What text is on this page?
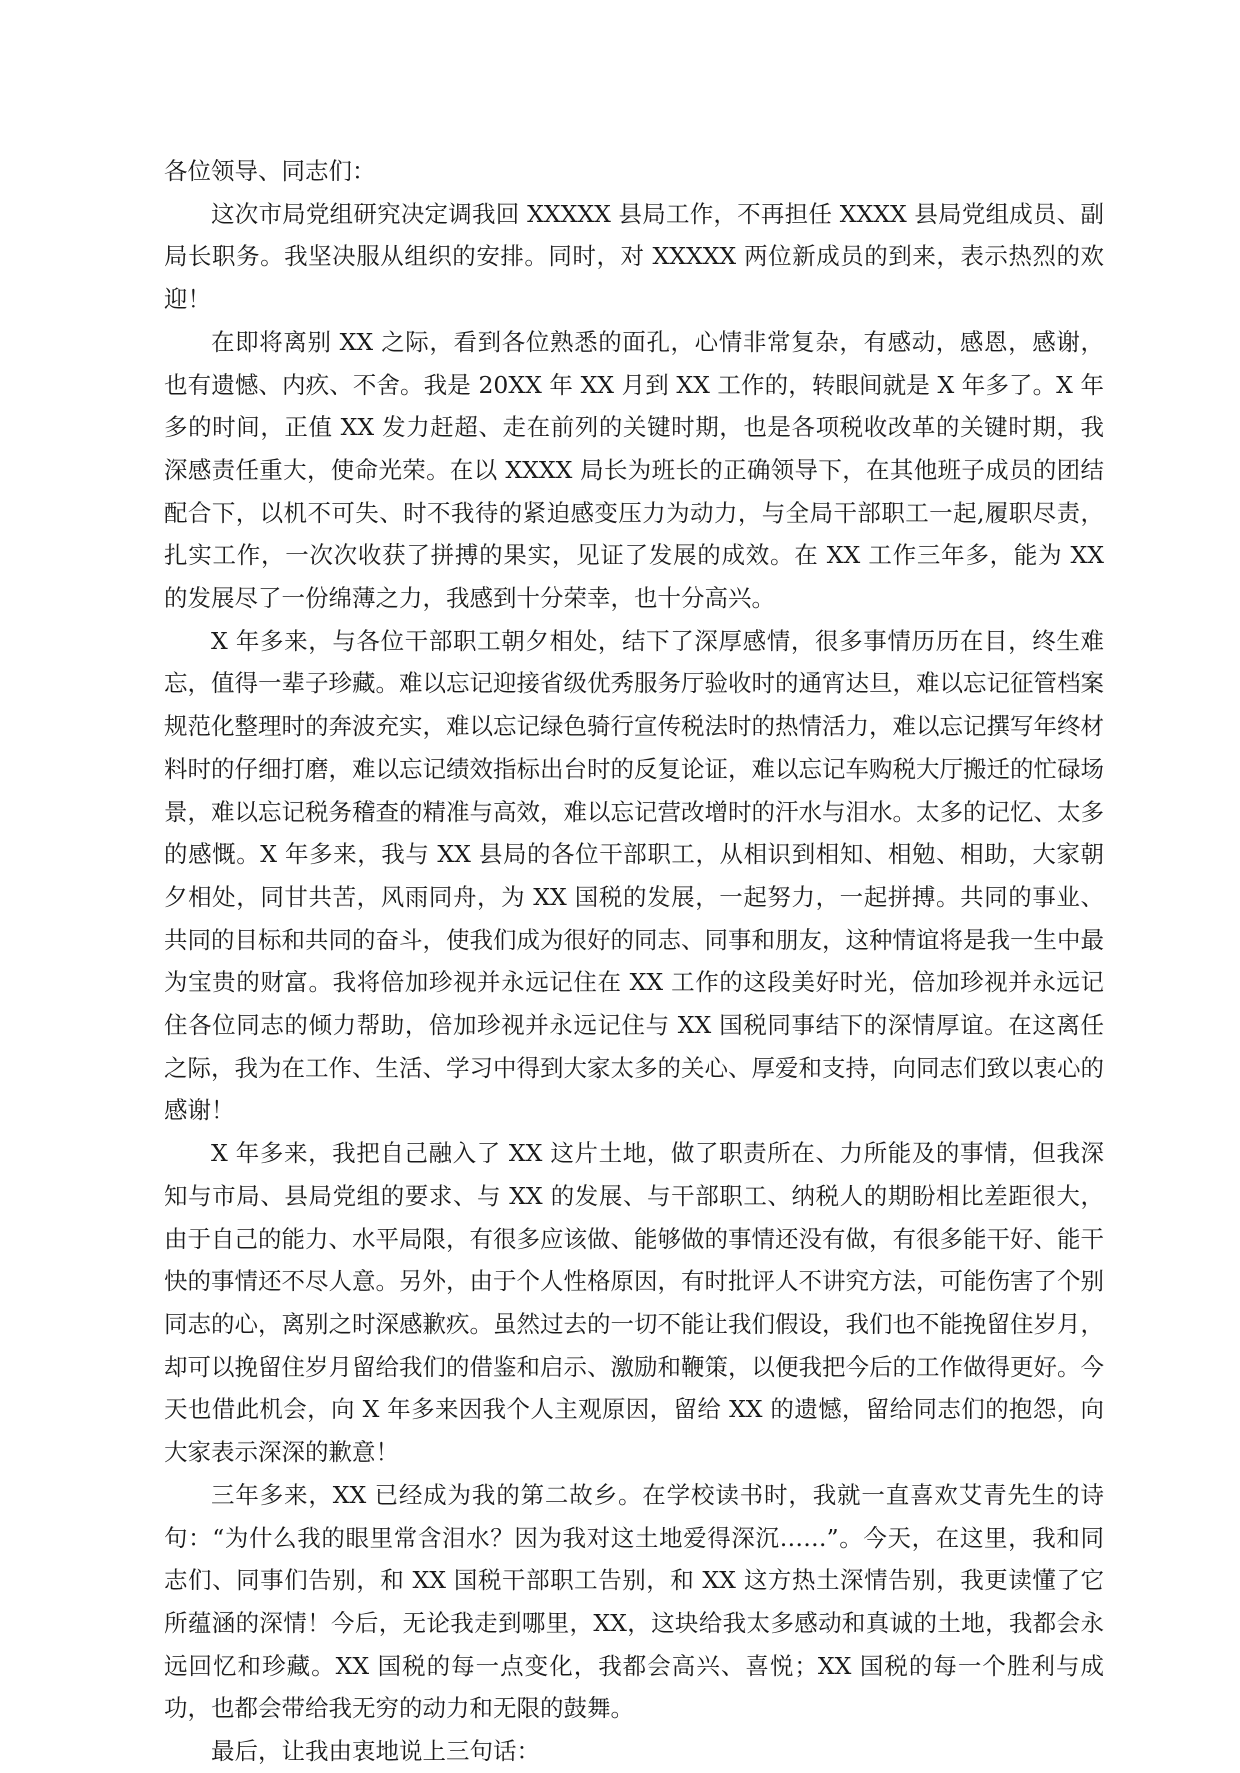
各位领导、同志们：

这次市局党组研究决定调我回 XXXXX 县局工作，不再担任 XXXX 县局党组成员、副局长职务。我坚决服从组织的安排。同时，对 XXXXX 两位新成员的到来，表示热烈的欢迎！

在即将离别 XX 之际，看到各位熟悉的面孔，心情非常复杂，有感动，感恩，感谢，也有遗憾、内疚、不舍。我是 20XX 年 XX 月到 XX 工作的，转眼间就是 X 年多了。X 年多的时间，正值 XX 发力赶超、走在前列的关键时期，也是各项税收改革的关键时期，我深感责任重大，使命光荣。在以 XXXX 局长为班长的正确领导下，在其他班子成员的团结配合下，以机不可失、时不我待的紧迫感变压力为动力，与全局干部职工一起,履职尽责，扎实工作，一次次收获了拼搏的果实，见证了发展的成效。在 XX 工作三年多，能为 XX 的发展尽了一份绵薄之力，我感到十分荣幸，也十分高兴。

X 年多来，与各位干部职工朝夕相处，结下了深厚感情，很多事情历历在目，终生难忘，值得一辈子珍藏。难以忘记迎接省级优秀服务厅验收时的通宵达旦，难以忘记征管档案规范化整理时的奔波充实，难以忘记绿色骑行宣传税法时的热情活力，难以忘记撰写年终材料时的仔细打磨，难以忘记绩效指标出台时的反复论证，难以忘记车购税大厅搬迁的忙碌场景，难以忘记税务稽查的精准与高效，难以忘记营改增时的汗水与泪水。太多的记忆、太多的感慨。X 年多来，我与 XX 县局的各位干部职工，从相识到相知、相勉、相助，大家朝夕相处，同甘共苦，风雨同舟，为 XX 国税的发展，一起努力，一起拼搏。共同的事业、共同的目标和共同的奋斗，使我们成为很好的同志、同事和朋友，这种情谊将是我一生中最为宝贵的财富。我将倍加珍视并永远记住在 XX 工作的这段美好时光，倍加珍视并永远记住各位同志的倾力帮助，倍加珍视并永远记住与 XX 国税同事结下的深情厚谊。在这离任之际，我为在工作、生活、学习中得到大家太多的关心、厚爱和支持，向同志们致以衷心的感谢！

X 年多来，我把自己融入了 XX 这片土地，做了职责所在、力所能及的事情，但我深知与市局、县局党组的要求、与 XX 的发展、与干部职工、纳税人的期盼相比差距很大，由于自己的能力、水平局限，有很多应该做、能够做的事情还没有做，有很多能干好、能干快的事情还不尽人意。另外，由于个人性格原因，有时批评人不讲究方法，可能伤害了个别同志的心，离别之时深感歉疚。虽然过去的一切不能让我们假设，我们也不能挽留住岁月，却可以挽留住岁月留给我们的借鉴和启示、激励和鞭策，以便我把今后的工作做得更好。今天也借此机会，向 X 年多来因我个人主观原因，留给 XX 的遗憾，留给同志们的抱怨，向大家表示深深的歉意！

三年多来，XX 已经成为我的第二故乡。在学校读书时，我就一直喜欢艾青先生的诗句：“为什么我的眼里常含泪水？因为我对这土地爱得深沉……”。今天，在这里，我和同志们、同事们告别，和 XX 国税干部职工告别，和 XX 这方热土深情告别，我更读懂了它所蕴涵的深情！今后，无论我走到哪里，XX，这块给我太多感动和真诚的土地，我都会永远回忆和珍藏。XX 国税的每一点变化，我都会高兴、喜悦；XX 国税的每一个胜利与成功，也都会带给我无穷的动力和无限的鼓舞。

最后，让我由衷地说上三句话：
